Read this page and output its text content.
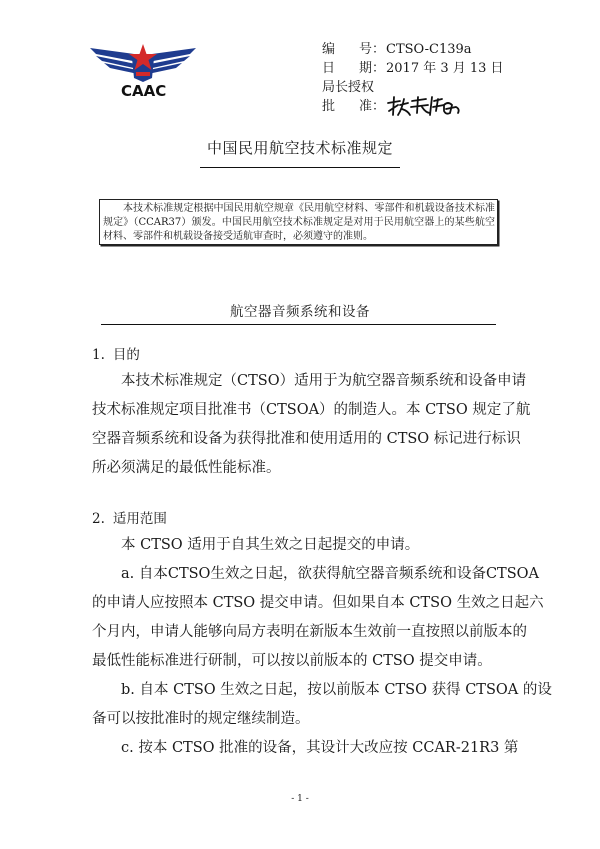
CAAC
编 号 ： CTSO-C139a
日 期 ： 2017 年 3 月 13 日
局长授权
批 准 ：
中国民用航空技术标准规定

本技术标准规定根据中国民用航空规章《民用航空材料、零部件和机载设备技术标准规定》（CCAR37）颁发。中国民用航空技术标准规定是对用于民用航空器上的某些航空材料、零部件和机载设备接受适航审查时，必须遵守的准则。

航空器音频系统和设备
1. 目的
本技术标准规定（CTSO）适用于为航空器音频系统和设备申请
技术标准规定项目批准书（CTSOA）的制造人。本 CTSO 规定了航
空器音频系统和设备为获得批准和使用适用的 CTSO 标记进行标识
所必须满足的最低性能标准。
2. 适用范围
本 CTSO 适用于自其生效之日起提交的申请。
a. 自本CTSO生效之日起，欲获得航空器音频系统和设备CTSOA
的申请人应按照本 CTSO 提交申请。但如果自本 CTSO 生效之日起六
个月内，申请人能够向局方表明在新版本生效前一直按照以前版本的
最低性能标准进行研制，可以按以前版本的 CTSO 提交申请。
b. 自本 CTSO 生效之日起，按以前版本 CTSO 获得 CTSOA 的设
备可以按批准时的规定继续制造。
c. 按本 CTSO 批准的设备，其设计大改应按 CCAR-21R3 第
- 1 -
